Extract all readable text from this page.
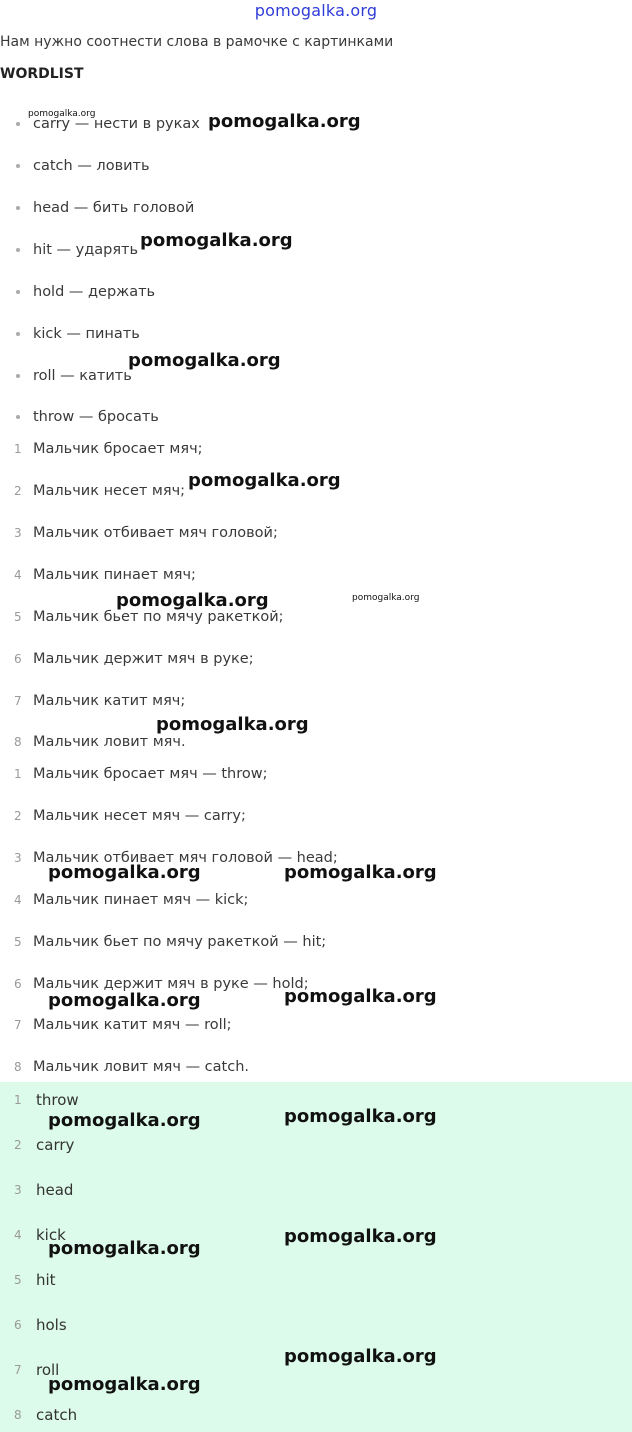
pomogalka.org
Нам нужно соотнести слова в рамочке с картинками
WORDLIST
carry — нести в руках
catch — ловить
head — бить головой
hit — ударять
hold — держать
kick — пинать
roll — катить
throw — бросать
1 Мальчик бросает мяч;
2 Мальчик несет мяч;
3 Мальчик отбивает мяч головой;
4 Мальчик пинает мяч;
5 Мальчик бьет по мячу ракеткой;
6 Мальчик держит мяч в руке;
7 Мальчик катит мяч;
8 Мальчик ловит мяч.
1 Мальчик бросает мяч — throw;
2 Мальчик несет мяч — carry;
3 Мальчик отбивает мяч головой — head;
4 Мальчик пинает мяч — kick;
5 Мальчик бьет по мячу ракеткой — hit;
6 Мальчик держит мяч в руке — hold;
7 Мальчик катит мяч — roll;
8 Мальчик ловит мяч — catch.
1 throw
2 carry
3 head
4 kick
5 hit
6 hols
7 roll
8 catch
pomogalka.org	pomogalka.org
pomogalka.org
pomogalka.org
pomogalka.org
pomogalka.org	pomogalka.org
pomogalka.org
pomogalka.org	pomogalka.org
pomogalka.org	pomogalka.org
pomogalka.org	pomogalka.org
pomogalka.org
pomogalka.org
pomogalka.org
pomogalka.org
